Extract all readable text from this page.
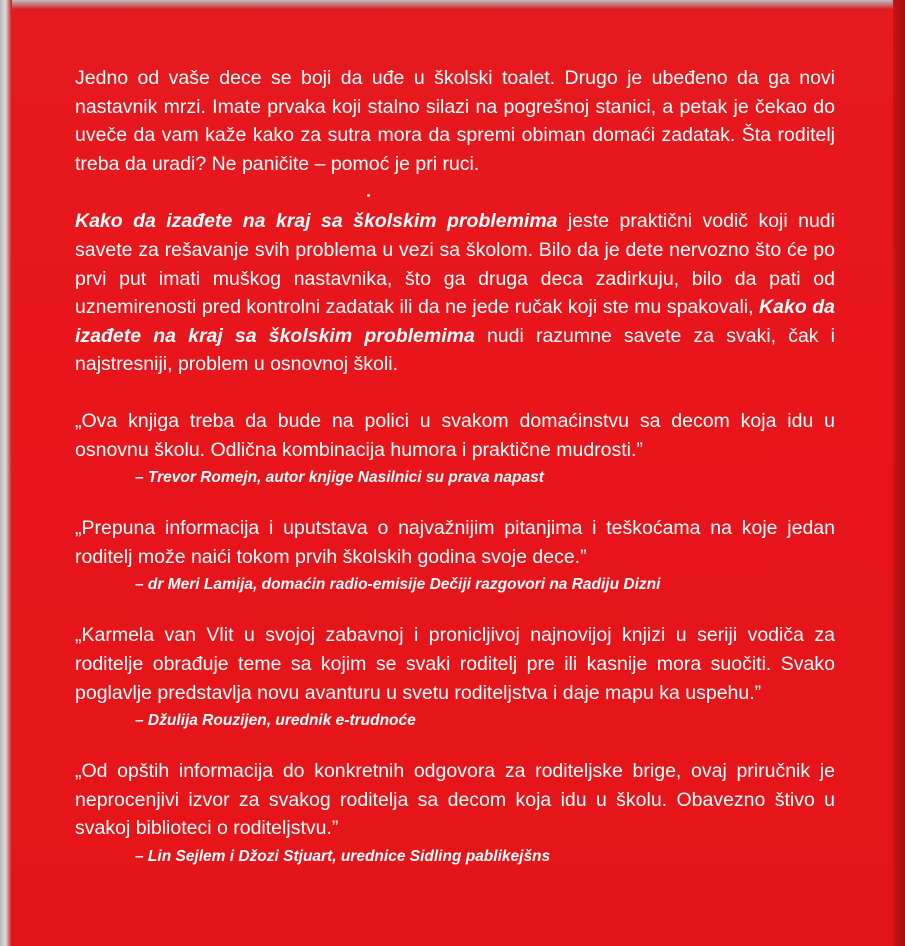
Jedno od vaše dece se boji da uđe u školski toalet. Drugo je ubeđeno da ga novi nastavnik mrzi. Imate prvaka koji stalno silazi na pogrešnoj stanici, a petak je čekao do uveče da vam kaže kako za sutra mora da spremi obiman domaći zadatak. Šta roditelj treba da uradi? Ne paničite – pomoć je pri ruci.

Kako da izađete na kraj sa školskim problemima jeste praktični vodič koji nudi savete za rešavanje svih problema u vezi sa školom. Bilo da je dete nervozno što će po prvi put imati muškog nastavnika, što ga druga deca zadirkuju, bilo da pati od uznemirenosti pred kontrolni zadatak ili da ne jede ručak koji ste mu spakovali, Kako da izađete na kraj sa školskim problemima nudi razumne savete za svaki, čak i najstresniji, problem u osnovnoj školi.

„Ova knjiga treba da bude na polici u svakom domaćinstvu sa decom koja idu u osnovnu školu. Odlična kombinacija humora i praktične mudrosti.”

– Trevor Romejn, autor knjige Nasilnici su prava napast

„Prepuna informacija i uputstava o najvažnijim pitanjima i teškoćama na koje jedan roditelj može naići tokom prvih školskih godina svoje dece.”

– dr Meri Lamija, domaćin radio-emisije Dečiji razgovori na Radiju Dizni

„Karmela van Vlit u svojoj zabavnoj i pronicljivoj najnovijoj knjizi u seriji vodiča za roditelje obrađuje teme sa kojim se svaki roditelj pre ili kasnije mora suočiti. Svako poglavlje predstavlja novu avanturu u svetu roditeljstva i daje mapu ka uspehu.”

– Džulija Rouzijen, urednik e-trudnoće

„Od opštih informacija do konkretnih odgovora za roditeljske brige, ovaj priručnik je neprocenjivi izvor za svakog roditelja sa decom koja idu u školu. Obavezno štivo u svakoj biblioteci o roditeljstvu.”

– Lin Sejlem i Džozi Stjuart, urednice Sidling pablikejšns
